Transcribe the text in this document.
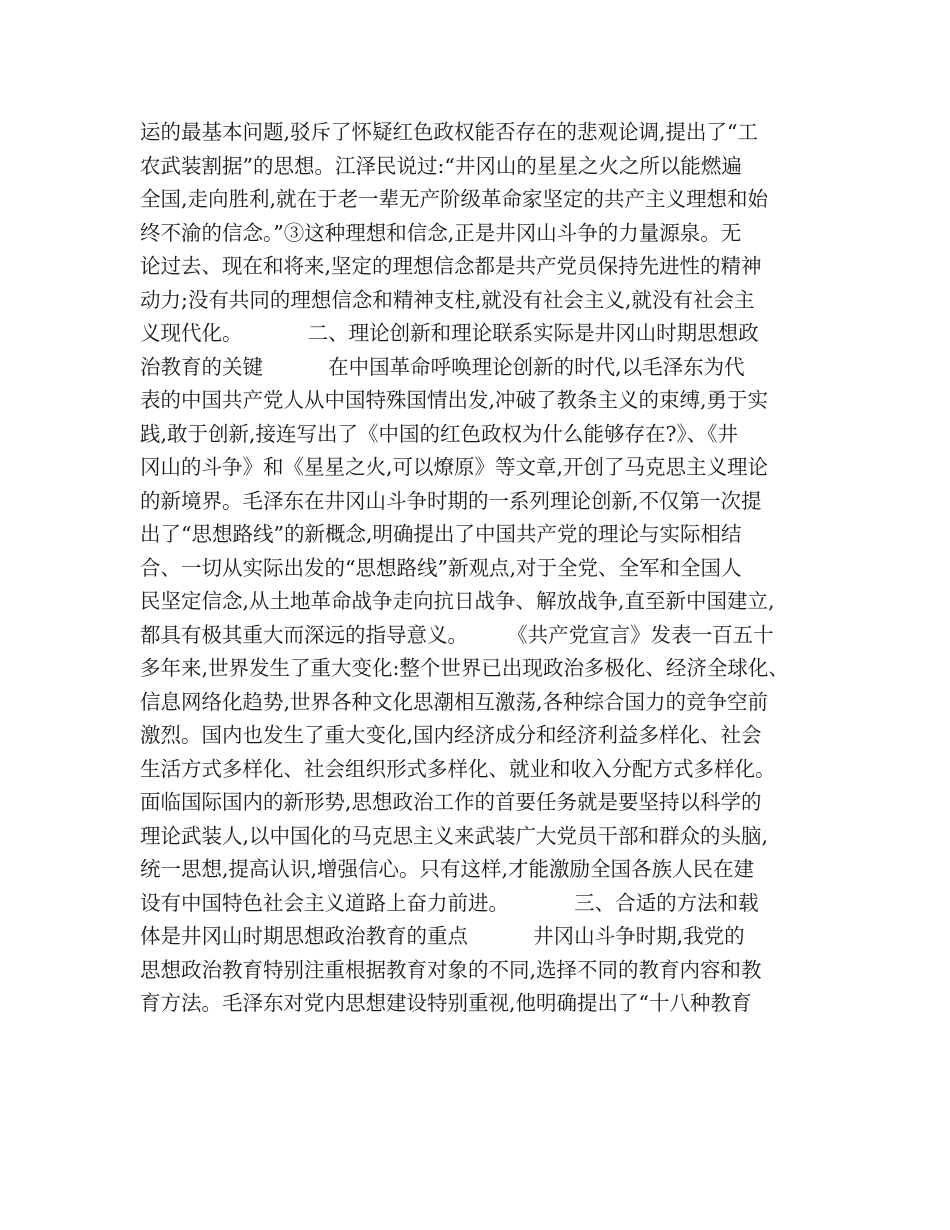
运的最基本问题,驳斥了怀疑红色政权能否存在的悲观论调,提出了“工
农武装割据”的思想。江泽民说过:“井冈山的星星之火之所以能燃遍
全国,走向胜利,就在于老一辈无产阶级革命家坚定的共产主义理想和始
终不渝的信念。”③这种理想和信念,正是井冈山斗争的力量源泉。无
论过去、现在和将来,坚定的理想信念都是共产党员保持先进性的精神
动力;没有共同的理想信念和精神支柱,就没有社会主义,就没有社会主
义现代化。          二、理论创新和理论联系实际是井冈山时期思想政
治教育的关键          在中国革命呼唤理论创新的时代,以毛泽东为代
表的中国共产党人从中国特殊国情出发,冲破了教条主义的束缚,勇于实
践,敢于创新,接连写出了《中国的红色政权为什么能够存在?》、《井
冈山的斗争》和《星星之火,可以燎原》等文章,开创了马克思主义理论
的新境界。毛泽东在井冈山斗争时期的一系列理论创新,不仅第一次提
出了“思想路线”的新概念,明确提出了中国共产党的理论与实际相结
合、一切从实际出发的“思想路线”新观点,对于全党、全军和全国人
民坚定信念,从土地革命战争走向抗日战争、解放战争,直至新中国建立,
都具有极其重大而深远的指导意义。      《共产党宣言》发表一百五十
多年来,世界发生了重大变化:整个世界已出现政治多极化、经济全球化、
信息网络化趋势,世界各种文化思潮相互激荡,各种综合国力的竞争空前
激烈。国内也发生了重大变化,国内经济成分和经济利益多样化、社会
生活方式多样化、社会组织形式多样化、就业和收入分配方式多样化。
面临国际国内的新形势,思想政治工作的首要任务就是要坚持以科学的
理论武装人,以中国化的马克思主义来武装广大党员干部和群众的头脑,
统一思想,提高认识,增强信心。只有这样,才能激励全国各族人民在建
设有中国特色社会主义道路上奋力前进。          三、合适的方法和载
体是井冈山时期思想政治教育的重点          井冈山斗争时期,我党的
思想政治教育特别注重根据教育对象的不同,选择不同的教育内容和教
育方法。毛泽东对党内思想建设特别重视,他明确提出了“十八种教育
